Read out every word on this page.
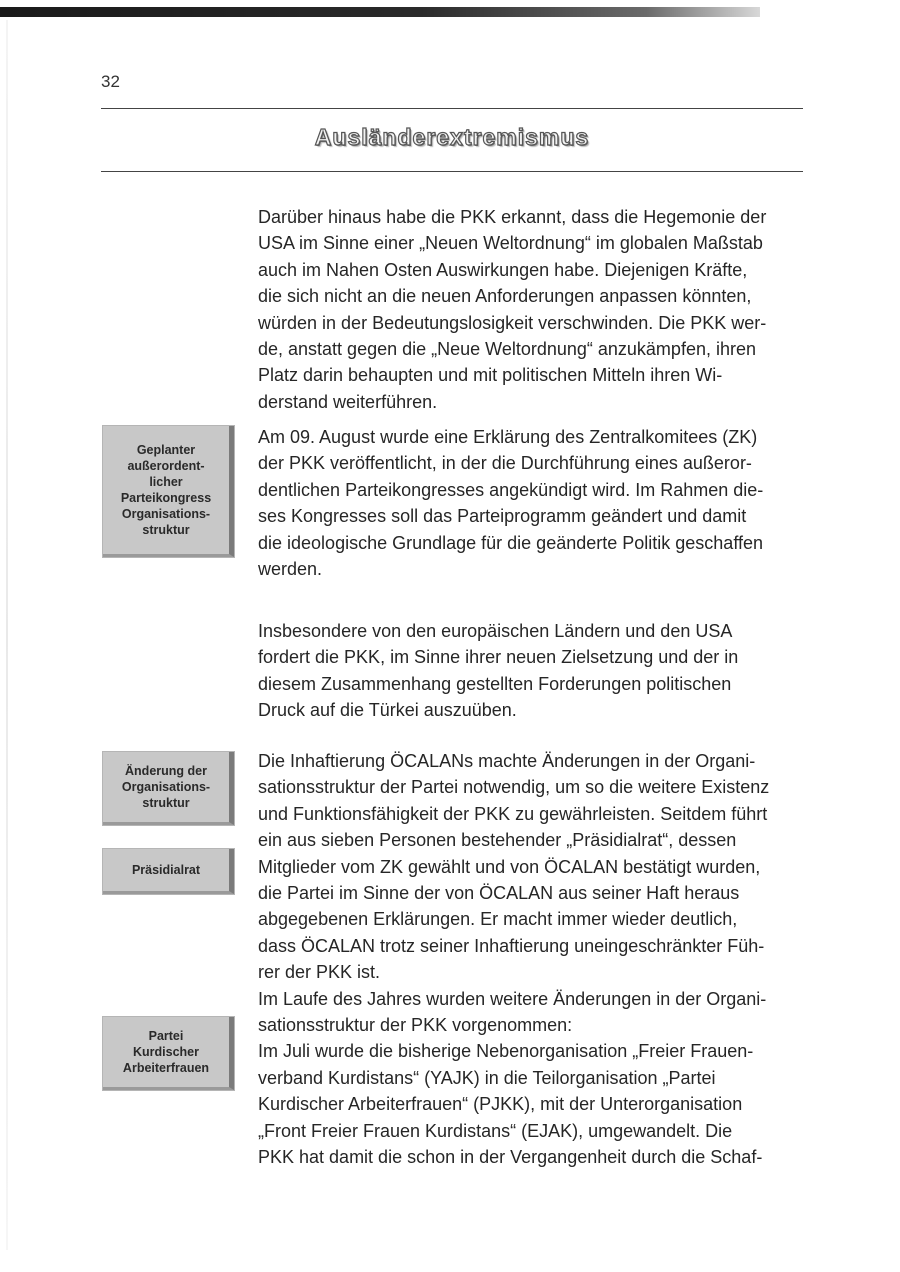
32
Ausländerextremismus
Geplanter
außerordent-
licher
Parteikongress
Organisations-
struktur
Änderung der
Organisations-
struktur
Präsidialrat
Partei
Kurdischer
Arbeiterfrauen
Darüber hinaus habe die PKK erkannt, dass die Hegemonie der
USA im Sinne einer „Neuen Weltordnung“ im globalen Maßstab
auch im Nahen Osten Auswirkungen habe. Diejenigen Kräfte,
die sich nicht an die neuen Anforderungen anpassen könnten,
würden in der Bedeutungslosigkeit verschwinden. Die PKK wer-
de, anstatt gegen die „Neue Weltordnung“ anzukämpfen, ihren
Platz darin behaupten und mit politischen Mitteln ihren Wi-
derstand weiterführen.
Am 09. August wurde eine Erklärung des Zentralkomitees (ZK)
der PKK veröffentlicht, in der die Durchführung eines außeror-
dentlichen Parteikongresses angekündigt wird. Im Rahmen die-
ses Kongresses soll das Parteiprogramm geändert und damit
die ideologische Grundlage für die geänderte Politik geschaffen
werden.
Insbesondere von den europäischen Ländern und den USA
fordert die PKK, im Sinne ihrer neuen Zielsetzung und der in
diesem Zusammenhang gestellten Forderungen politischen
Druck auf die Türkei auszuüben.
Die Inhaftierung ÖCALANs machte Änderungen in der Organi-
sationsstruktur der Partei notwendig, um so die weitere Existenz
und Funktionsfähigkeit der PKK zu gewährleisten. Seitdem führt
ein aus sieben Personen bestehender „Präsidialrat“, dessen
Mitglieder vom ZK gewählt und von ÖCALAN bestätigt wurden,
die Partei im Sinne der von ÖCALAN aus seiner Haft heraus
abgegebenen Erklärungen. Er macht immer wieder deutlich,
dass ÖCALAN trotz seiner Inhaftierung uneingeschränkter Füh-
rer der PKK ist.
Im Laufe des Jahres wurden weitere Änderungen in der Organi-
sationsstruktur der PKK vorgenommen:
Im Juli wurde die bisherige Nebenorganisation „Freier Frauen-
verband Kurdistans“ (YAJK) in die Teilorganisation „Partei
Kurdischer Arbeiterfrauen“ (PJKK), mit der Unterorganisation
„Front Freier Frauen Kurdistans“ (EJAK), umgewandelt. Die
PKK hat damit die schon in der Vergangenheit durch die Schaf-
